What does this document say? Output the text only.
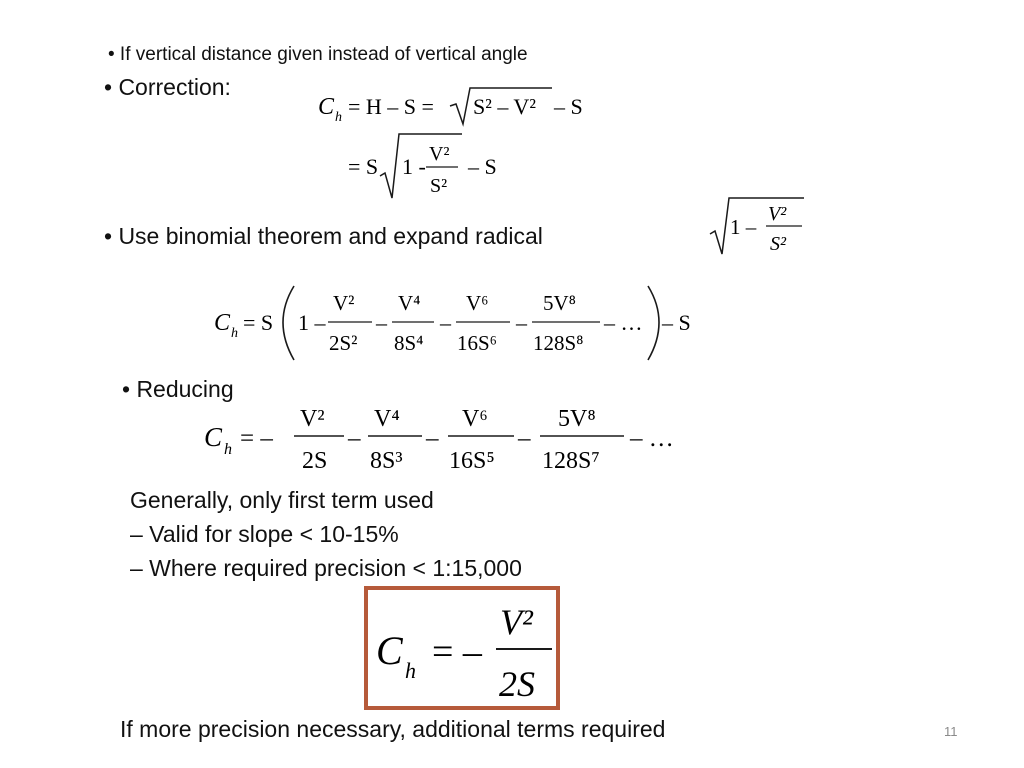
• If vertical distance given instead of vertical angle
• Correction:
• Use binomial theorem and expand radical
• Reducing
C h = H – S = S² – V² – S
= S 1 - V²
S²
– S
1 –
V²
S²
C h = S 1 –
V²
2S²
–
V⁴
8S⁴
–
V⁶
16S⁶
–
5V⁸
128S⁸
– … – S
C h = –
V²
2S
–
V⁴
8S³
–
V⁶
16S⁵
–
5V⁸
128S⁷
– …
Generally, only first term used
– Valid for slope < 10-15%
– Where required precision < 1:15,000
C h = –
V²
2S
If more precision necessary, additional terms required	11
